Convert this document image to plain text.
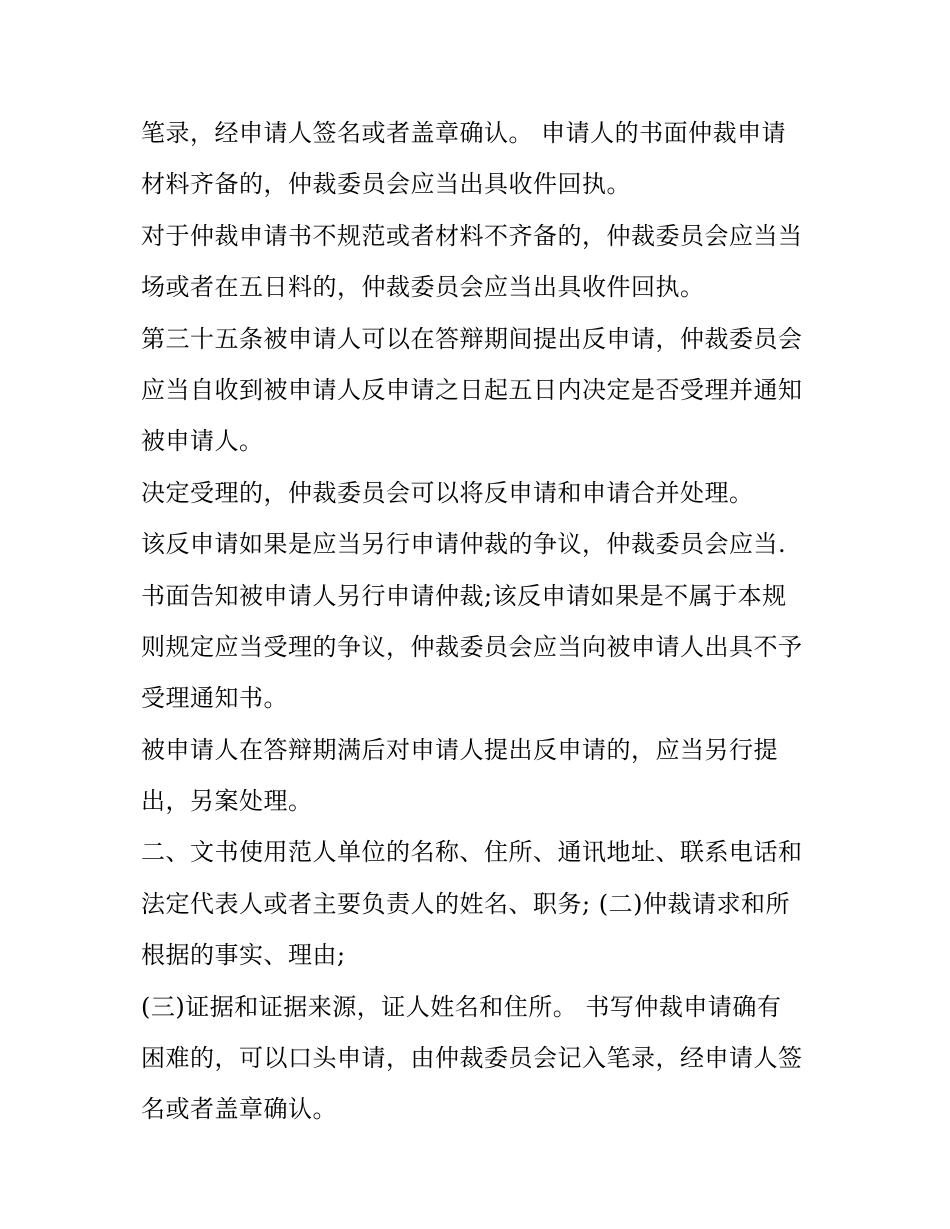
笔录，经申请人签名或者盖章确认。 申请人的书面仲裁申请
材料齐备的，仲裁委员会应当出具收件回执。
对于仲裁申请书不规范或者材料不齐备的，仲裁委员会应当当
场或者在五日料的，仲裁委员会应当出具收件回执。
第三十五条被申请人可以在答辩期间提出反申请，仲裁委员会
应当自收到被申请人反申请之日起五日内决定是否受理并通知
被申请人。
决定受理的，仲裁委员会可以将反申请和申请合并处理。
该反申请如果是应当另行申请仲裁的争议，仲裁委员会应当.
书面告知被申请人另行申请仲裁;该反申请如果是不属于本规
则规定应当受理的争议，仲裁委员会应当向被申请人出具不予
受理通知书。
被申请人在答辩期满后对申请人提出反申请的，应当另行提
出，另案处理。
二、文书使用范人单位的名称、住所、通讯地址、联系电话和
法定代表人或者主要负责人的姓名、职务; (二)仲裁请求和所
根据的事实、理由;
(三)证据和证据来源，证人姓名和住所。 书写仲裁申请确有
困难的，可以口头申请，由仲裁委员会记入笔录，经申请人签
名或者盖章确认。
